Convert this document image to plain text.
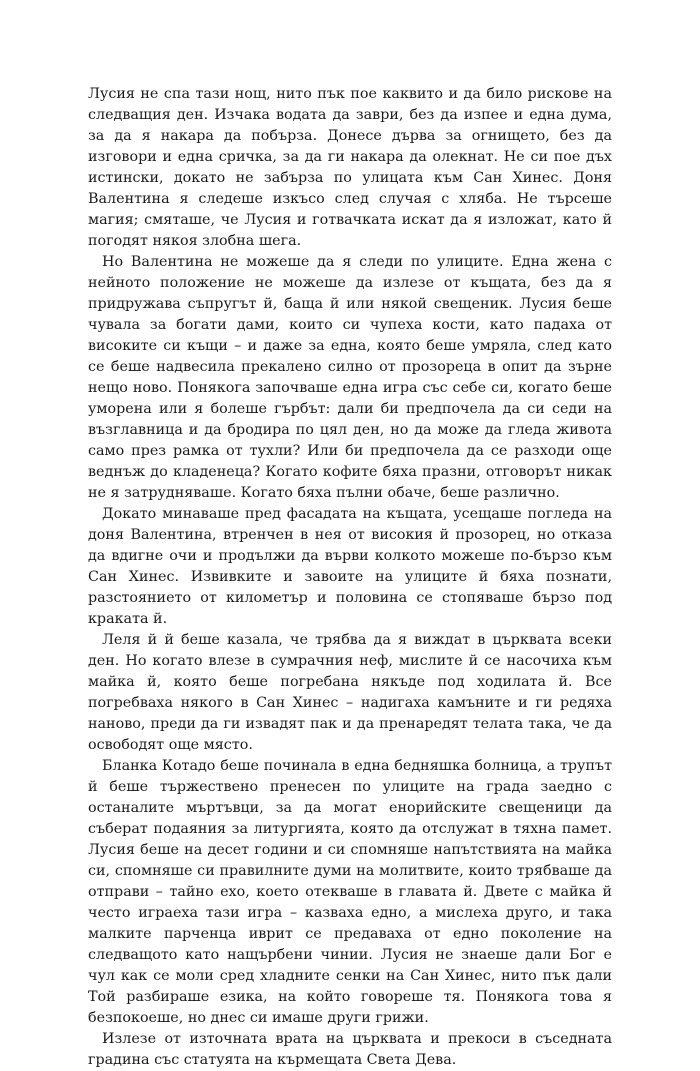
Лусия не спа тази нощ, нито пък пое каквито и да било рискове на следващия ден. Изчака водата да заври, без да изпее и една дума, за да я накара да побърза. Донесе дърва за огнището, без да изговори и една сричка, за да ги накара да олекнат. Не си пое дъх истински, докато не забърза по улицата към Сан Хинес. Доня Валентина я следеше изкъсо след случая с хляба. Не търсеше магия; смяташе, че Лусия и готвачката искат да я изложат, като й погодят някоя злобна шега.

Но Валентина не можеше да я следи по улиците. Една жена с нейното положение не можеше да излезе от къщата, без да я придружава съпругът й, баща й или някой свещеник. Лусия беше чувала за богати дами, които си чупеха кости, като падаха от високите си къщи – и даже за една, която беше умряла, след като се беше надвесила прекалено силно от прозореца в опит да зърне нещо ново. Понякога започваше една игра със себе си, когато беше уморена или я болеше гърбът: дали би предпочела да си седи на възглавница и да бродира по цял ден, но да може да гледа живота само през рамка от тухли? Или би предпочела да се разходи още веднъж до кладенеца? Когато кофите бяха празни, отговорът никак не я затрудняваше. Когато бяха пълни обаче, беше различно.

Докато минаваше пред фасадата на къщата, усещаше погледа на доня Валентина, втренчен в нея от високия й прозорец, но отказа да вдигне очи и продължи да върви колкото можеше по-бързо към Сан Хинес. Извивките и завоите на улиците й бяха познати, разстоянието от километър и половина се стопяваше бързо под краката й.

Леля й й беше казала, че трябва да я виждат в църквата всеки ден. Но когато влезе в сумрачния неф, мислите й се насочиха към майка й, която беше погребана някъде под ходилата й. Все погребваха някого в Сан Хинес – надигаха камъните и ги редяха наново, преди да ги извадят пак и да пренаредят телата така, че да освободят още място.

Бланка Котадо беше починала в една бедняшка болница, а трупът й беше тържествено пренесен по улиците на града заедно с останалите мъртъвци, за да могат енорийските свещеници да съберат подаяния за литургията, която да отслужат в тяхна памет. Лусия беше на десет години и си спомняше напътствията на майка си, спомняше си правилните думи на молитвите, които трябваше да отправи – тайно ехо, което отекваше в главата й. Двете с майка й често играеха тази игра – казваха едно, а мислеха друго, и така малките парченца иврит се предаваха от едно поколение на следващото като нащърбени чинии. Лусия не знаеше дали Бог е чул как се моли сред хладните сенки на Сан Хинес, нито пък дали Той разбираше езика, на който говореше тя. Понякога това я безпокоеше, но днес си имаше други грижи.

Излезе от източната врата на църквата и прекоси в съседната градина със статуята на кърмещата Света Дева.
